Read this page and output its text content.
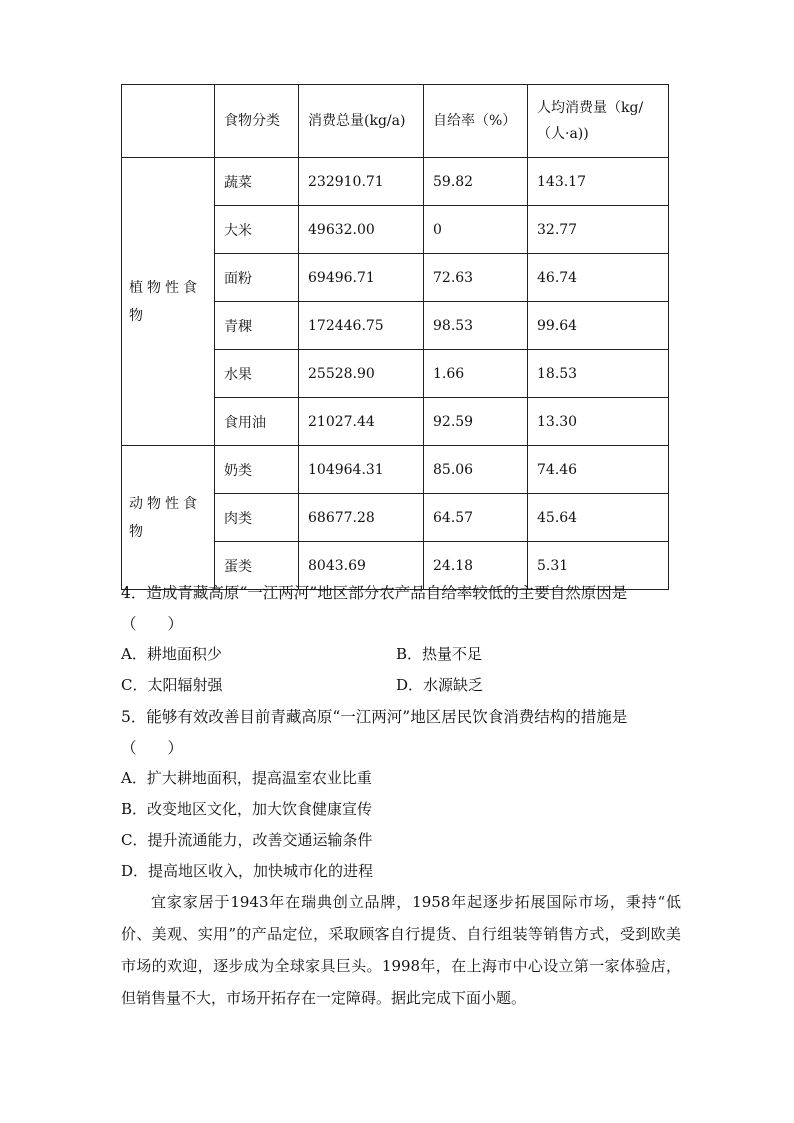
	食物分类	消费总量(kg/a)	自给率（%）	人均消费量（kg/（人·a))
植物性食物	蔬菜	232910.71	59.82	143.17
	大米	49632.00	0	32.77
	面粉	69496.71	72.63	46.74
	青稞	172446.75	98.53	99.64
	水果	25528.90	1.66	18.53
	食用油	21027.44	92.59	13.30
动物性食物	奶类	104964.31	85.06	74.46
	肉类	68677.28	64.57	45.64
	蛋类	8043.69	24.18	5.31
4．造成青藏高原“一江两河”地区部分农产品自给率较低的主要自然原因是
（　　）
A．耕地面积少	B．热量不足
C．太阳辐射强	D．水源缺乏
5．能够有效改善目前青藏高原“一江两河”地区居民饮食消费结构的措施是
（　　）
A．扩大耕地面积，提高温室农业比重
B．改变地区文化，加大饮食健康宣传
C．提升流通能力，改善交通运输条件
D．提高地区收入，加快城市化的进程
宜家家居于1943年在瑞典创立品牌，1958年起逐步拓展国际市场，秉持“低价、美观、实用”的产品定位，采取顾客自行提货、自行组装等销售方式，受到欧美市场的欢迎，逐步成为全球家具巨头。1998年，在上海市中心设立第一家体验店，但销售量不大，市场开拓存在一定障碍。据此完成下面小题。
